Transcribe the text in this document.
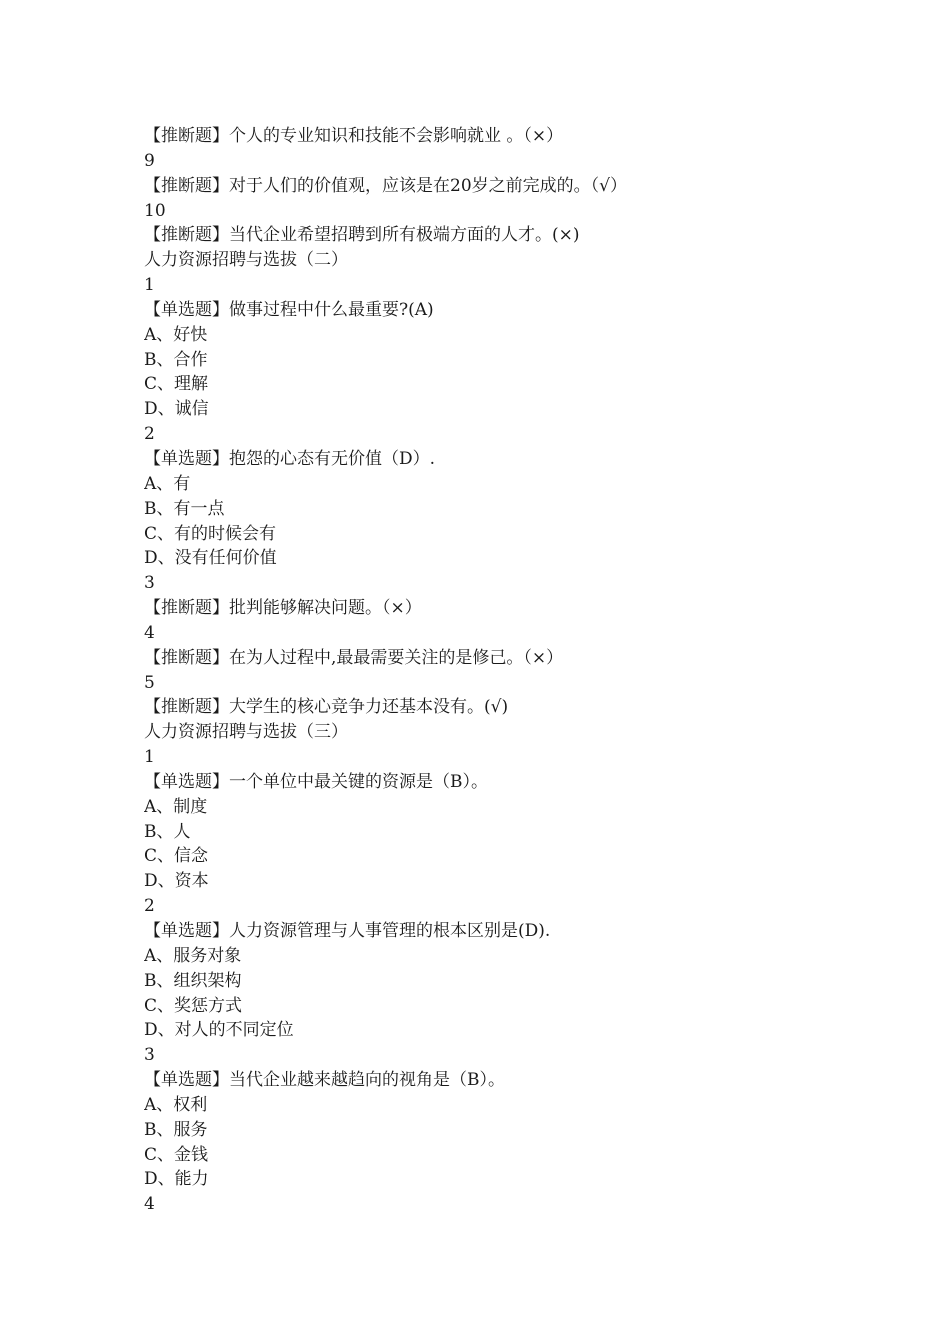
【推断题】个人的专业知识和技能不会影响就业 。（×）
9
【推断题】对于人们的价值观，应该是在20岁之前完成的。（√）
10
【推断题】当代企业希望招聘到所有极端方面的人才。(×)
人力资源招聘与选拔（二）
1
【单选题】做事过程中什么最重要?(A)
A、好快
B、合作
C、理解
D、诚信
2
【单选题】抱怨的心态有无价值（D）.
A、有
B、有一点
C、有的时候会有
D、没有任何价值
3
【推断题】批判能够解决问题。（×）
4
【推断题】在为人过程中,最最需要关注的是修己。（×）
5
【推断题】大学生的核心竞争力还基本没有。(√)
人力资源招聘与选拔（三）
1
【单选题】一个单位中最关键的资源是（B）。
A、制度
B、人
C、信念
D、资本
2
【单选题】人力资源管理与人事管理的根本区别是(D).
A、服务对象
B、组织架构
C、奖惩方式
D、对人的不同定位
3
【单选题】当代企业越来越趋向的视角是（B）。
A、权利
B、服务
C、金钱
D、能力
4
